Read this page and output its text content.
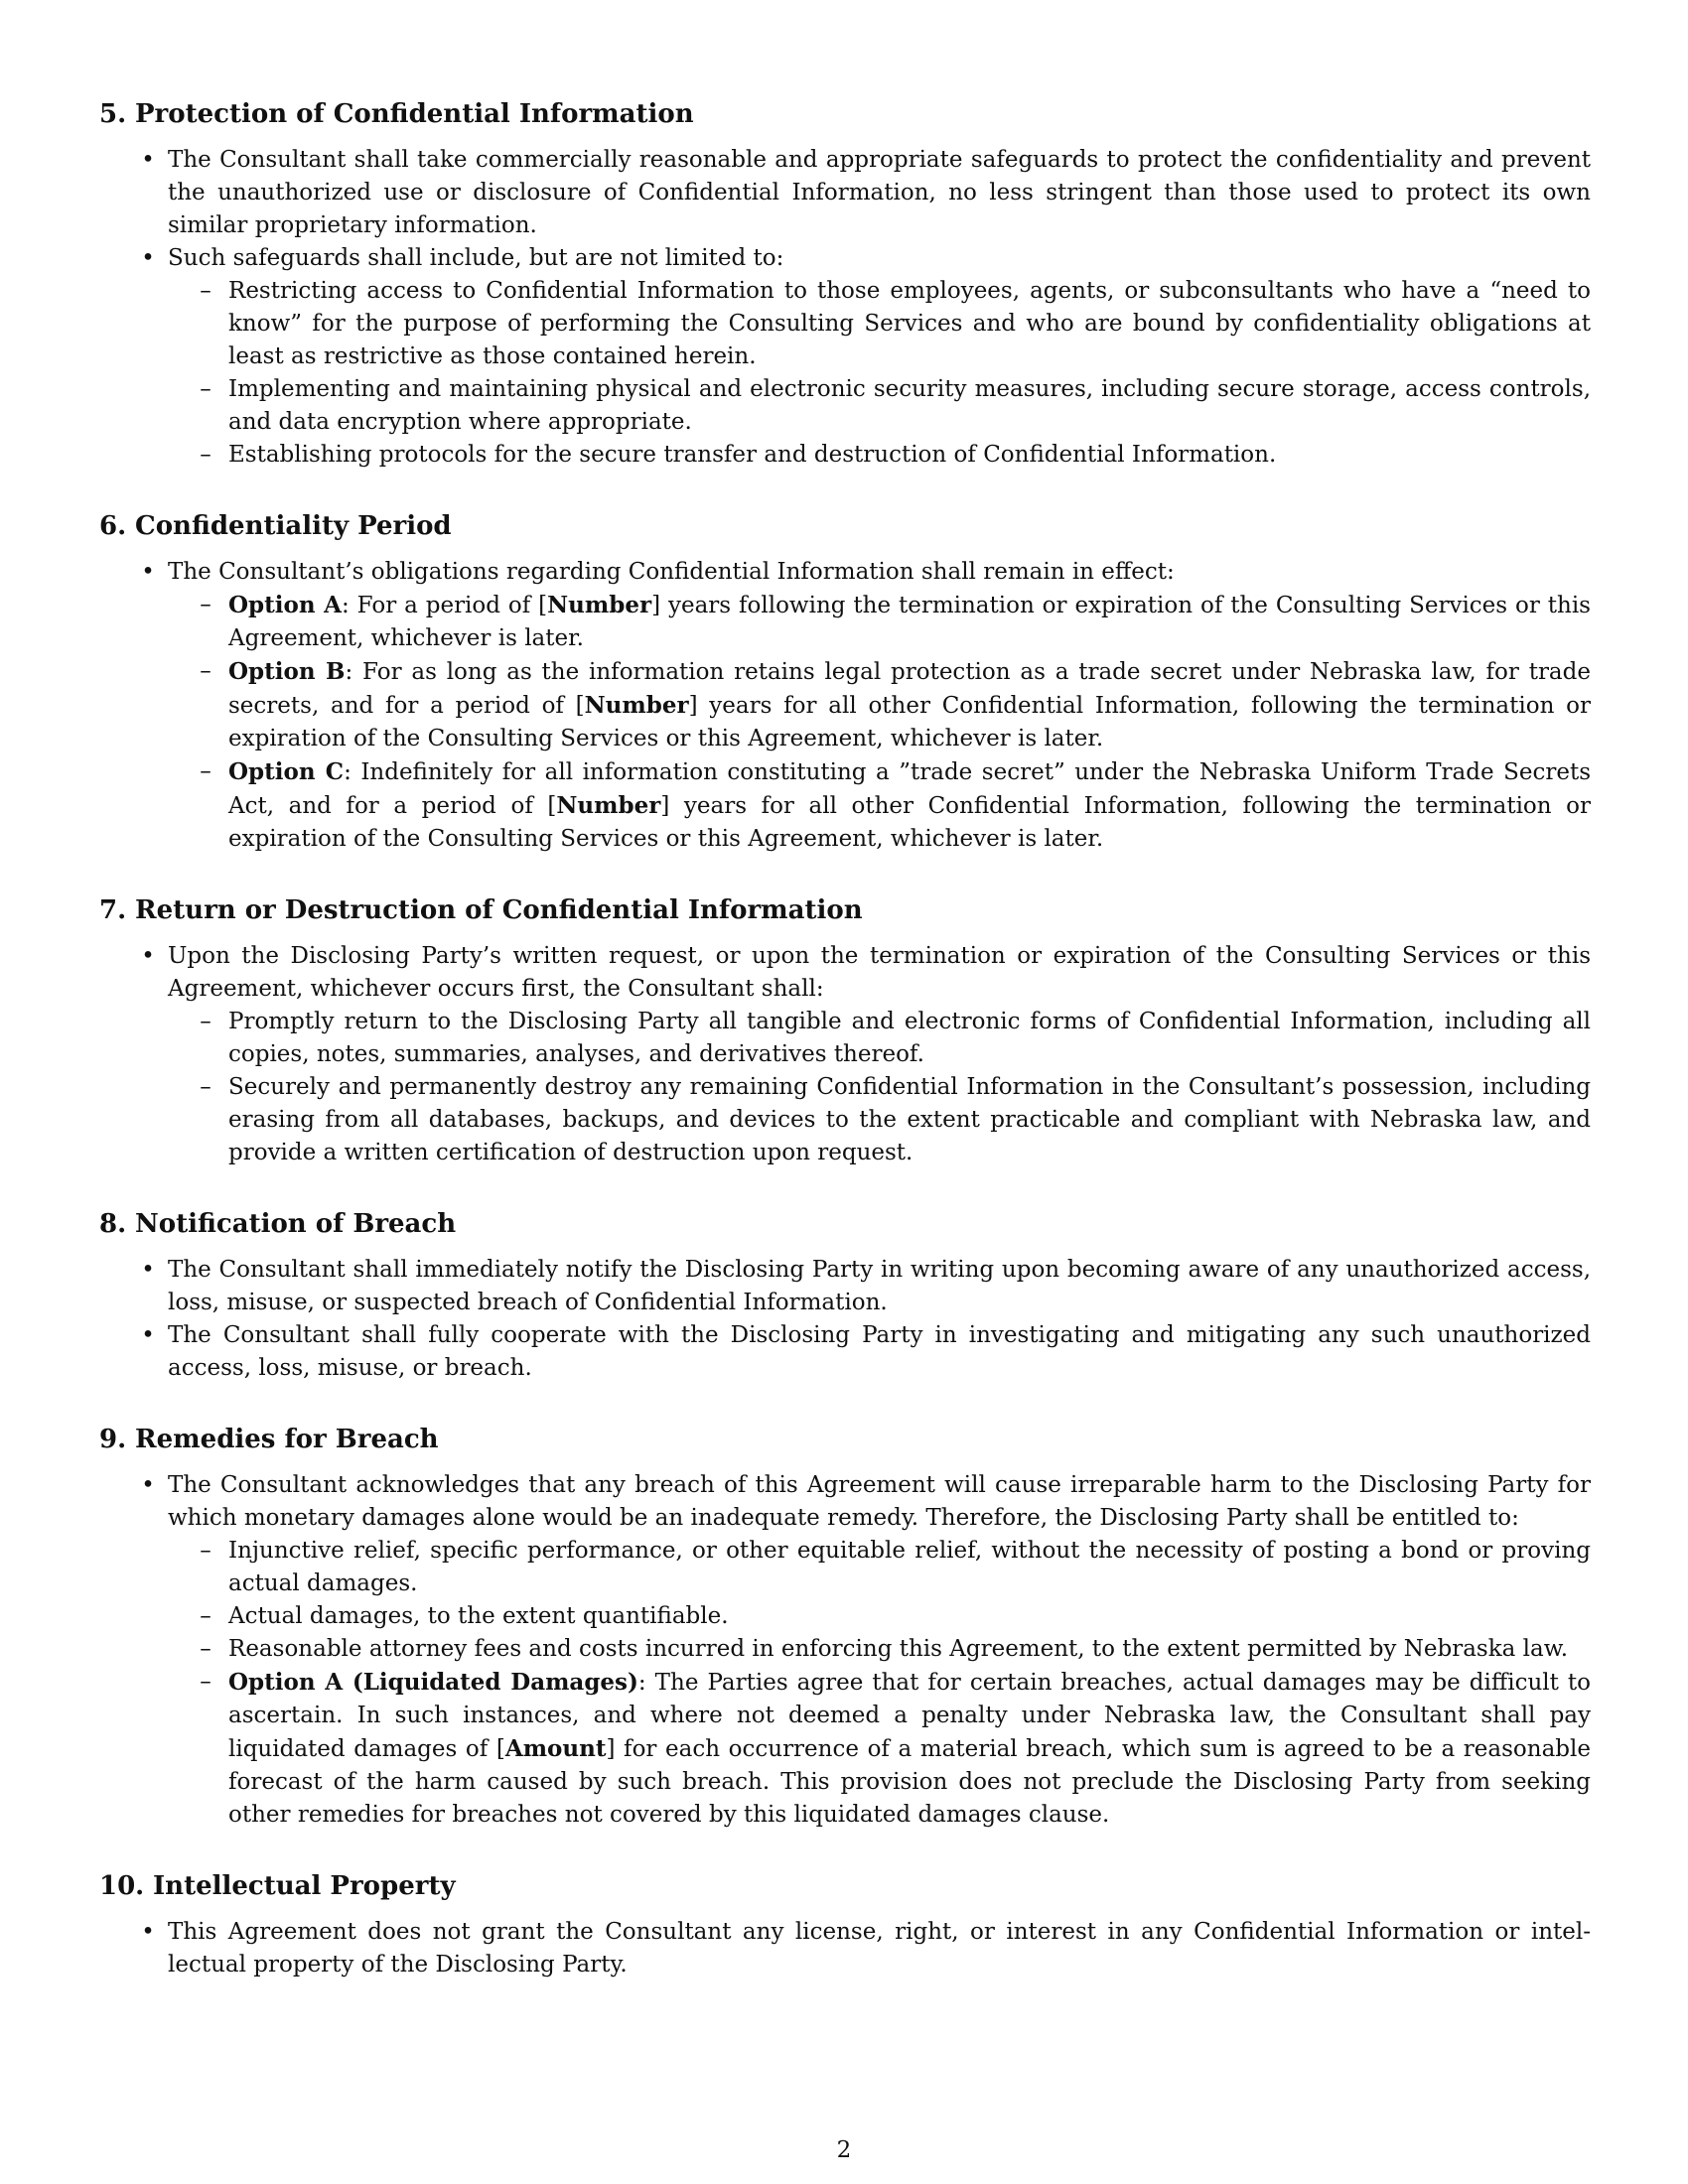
5. Protection of Confidential Information
• The Consultant shall take commercially reasonable and appropriate safeguards to protect the confidentiality and prevent the unauthorized use or disclosure of Confidential Information, no less stringent than those used to protect its own similar proprietary information.
• Such safeguards shall include, but are not limited to:
– Restricting access to Confidential Information to those employees, agents, or subconsultants who have a “need to know” for the purpose of performing the Consulting Services and who are bound by confidentiality obligations at least as restrictive as those contained herein.
– Implementing and maintaining physical and electronic security measures, including secure storage, access controls, and data encryption where appropriate.
– Establishing protocols for the secure transfer and destruction of Confidential Information.
6. Confidentiality Period
• The Consultant’s obligations regarding Confidential Information shall remain in effect:
– Option A: For a period of [Number] years following the termination or expiration of the Consulting Services or this Agreement, whichever is later.
– Option B: For as long as the information retains legal protection as a trade secret under Nebraska law, for trade secrets, and for a period of [Number] years for all other Confidential Information, following the termination or expiration of the Consulting Services or this Agreement, whichever is later.
– Option C: Indefinitely for all information constituting a ”trade secret” under the Nebraska Uniform Trade Secrets Act, and for a period of [Number] years for all other Confidential Information, following the termination or expiration of the Consulting Services or this Agreement, whichever is later.
7. Return or Destruction of Confidential Information
• Upon the Disclosing Party’s written request, or upon the termination or expiration of the Consulting Services or this Agreement, whichever occurs first, the Consultant shall:
– Promptly return to the Disclosing Party all tangible and electronic forms of Confidential Information, including all copies, notes, summaries, analyses, and derivatives thereof.
– Securely and permanently destroy any remaining Confidential Information in the Consultant’s possession, including erasing from all databases, backups, and devices to the extent practicable and compliant with Nebraska law, and provide a written certification of destruction upon request.
8. Notification of Breach
• The Consultant shall immediately notify the Disclosing Party in writing upon becoming aware of any unauthorized access, loss, misuse, or suspected breach of Confidential Information.
• The Consultant shall fully cooperate with the Disclosing Party in investigating and mitigating any such unauthorized access, loss, misuse, or breach.
9. Remedies for Breach
• The Consultant acknowledges that any breach of this Agreement will cause irreparable harm to the Disclosing Party for which monetary damages alone would be an inadequate remedy. Therefore, the Disclosing Party shall be entitled to:
– Injunctive relief, specific performance, or other equitable relief, without the necessity of posting a bond or proving actual damages.
– Actual damages, to the extent quantifiable.
– Reasonable attorney fees and costs incurred in enforcing this Agreement, to the extent permitted by Nebraska law.
– Option A (Liquidated Damages): The Parties agree that for certain breaches, actual damages may be difficult to ascertain. In such instances, and where not deemed a penalty under Nebraska law, the Consultant shall pay liquidated damages of [Amount] for each occurrence of a material breach, which sum is agreed to be a reasonable forecast of the harm caused by such breach. This provision does not preclude the Disclosing Party from seeking other remedies for breaches not covered by this liquidated damages clause.
10. Intellectual Property
• This Agreement does not grant the Consultant any license, right, or interest in any Confidential Information or intellectual property of the Disclosing Party.
2
